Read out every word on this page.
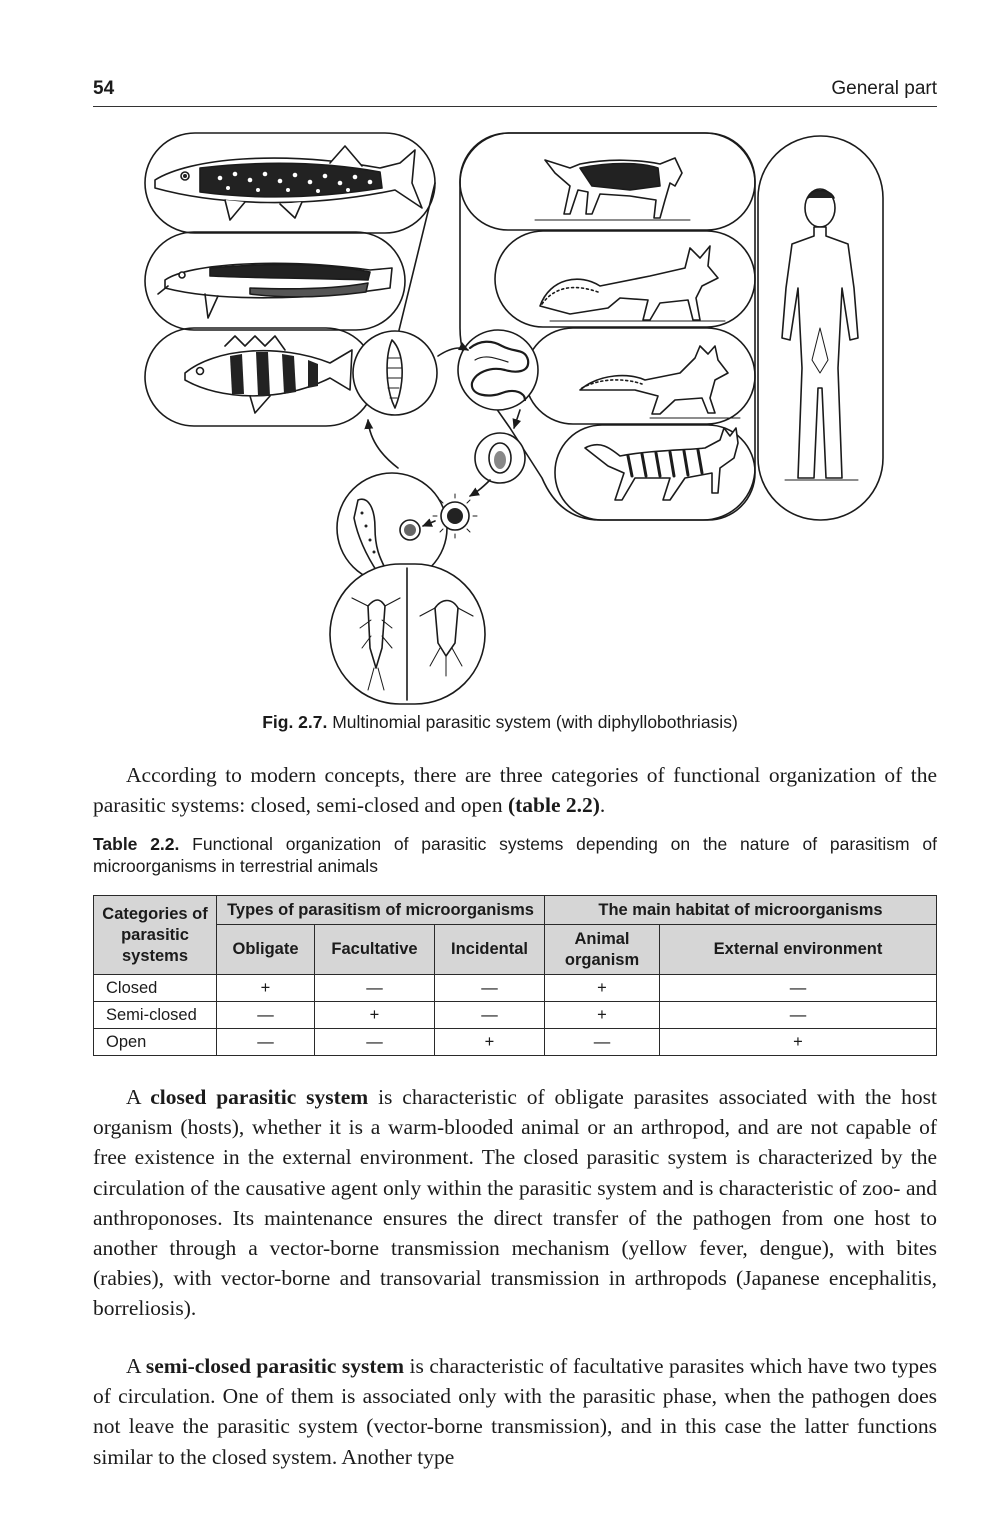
54	General part
Fig. 2.7. Multinomial parasitic system (with diphyllobothriasis)

According to modern concepts, there are three categories of functional organization of the parasitic systems: closed, semi-closed and open (table 2.2).

Table 2.2. Functional organization of parasitic systems depending on the nature of parasitism of microorganisms in terrestrial animals

Categories of parasitic systems	Types of parasitism of microorganisms			The main habitat of microorganisms	
	Obligate	Facultative	Incidental	Animal organism	External environment
Closed	+	—	—	+	—
Semi-closed	—	+	—	+	—
Open	—	—	+	—	+

A closed parasitic system is characteristic of obligate parasites associated with the host organism (hosts), whether it is a warm-blooded animal or an arthropod, and are not capable of free existence in the external environment. The closed parasitic system is characterized by the circulation of the causative agent only within the parasitic system and is characteristic of zoo- and anthroponoses. Its maintenance ensures the direct transfer of the pathogen from one host to another through a vector-borne transmission mechanism (yellow fever, dengue), with bites (rabies), with vector-borne and transovarial transmission in arthropods (Japanese encephalitis, borreliosis).

A semi-closed parasitic system is characteristic of facultative parasites which have two types of circulation. One of them is associated only with the parasitic phase, when the pathogen does not leave the parasitic system (vector-borne transmission), and in this case the latter functions similar to the closed system. Another type
